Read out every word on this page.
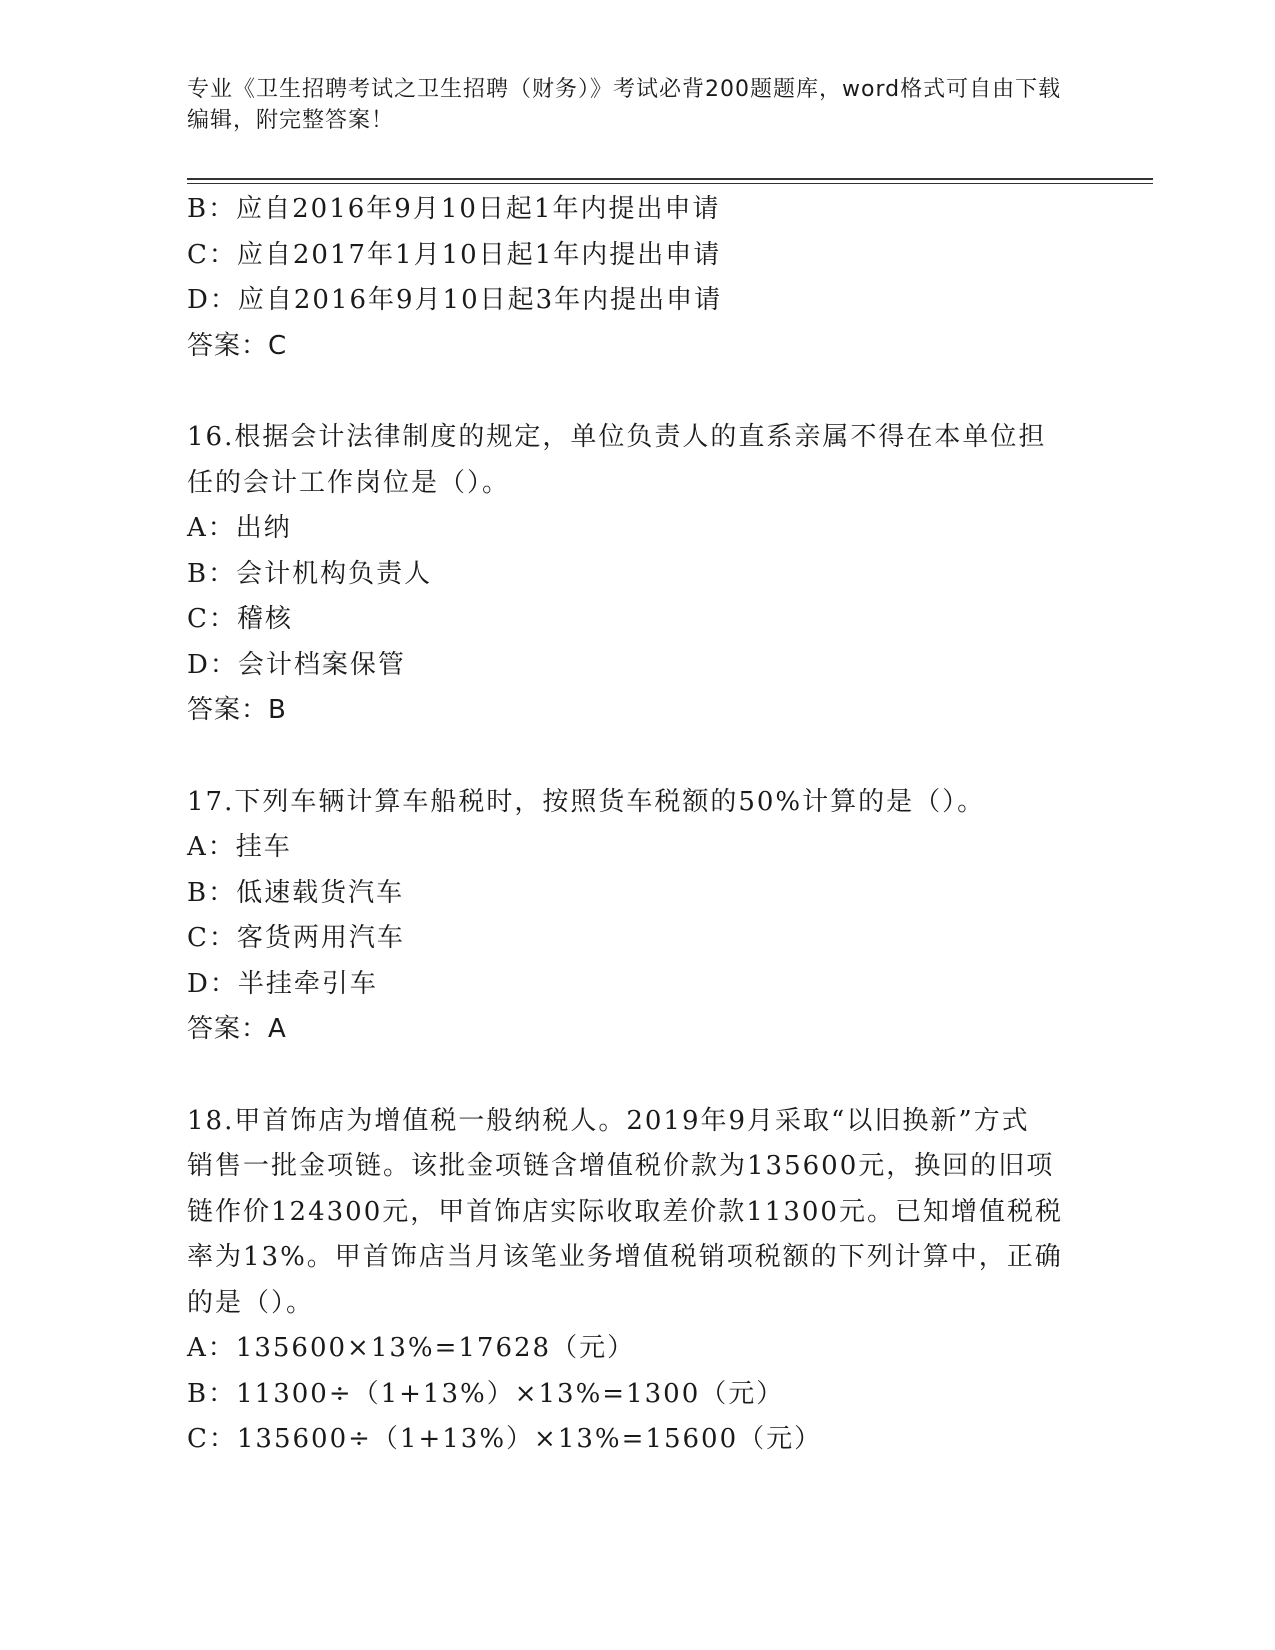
专业《卫生招聘考试之卫生招聘（财务）》考试必背200题题库，word格式可自由下载编辑，附完整答案！
B：应自2016年9月10日起1年内提出申请
C：应自2017年1月10日起1年内提出申请
D：应自2016年9月10日起3年内提出申请
答案：C
16.根据会计法律制度的规定，单位负责人的直系亲属不得在本单位担
任的会计工作岗位是（）。
A：出纳
B：会计机构负责人
C：稽核
D：会计档案保管
答案：B
17.下列车辆计算车船税时，按照货车税额的50%计算的是（）。
A：挂车
B：低速载货汽车
C：客货两用汽车
D：半挂牵引车
答案：A
18.甲首饰店为增值税一般纳税人。2019年9月采取“以旧换新”方式
销售一批金项链。该批金项链含增值税价款为135600元，换回的旧项
链作价124300元，甲首饰店实际收取差价款11300元。已知增值税税
率为13%。甲首饰店当月该笔业务增值税销项税额的下列计算中，正确
的是（）。
A：135600×13%=17628（元）
B：11300÷（1+13%）×13%=1300（元）
C：135600÷（1+13%）×13%=15600（元）
